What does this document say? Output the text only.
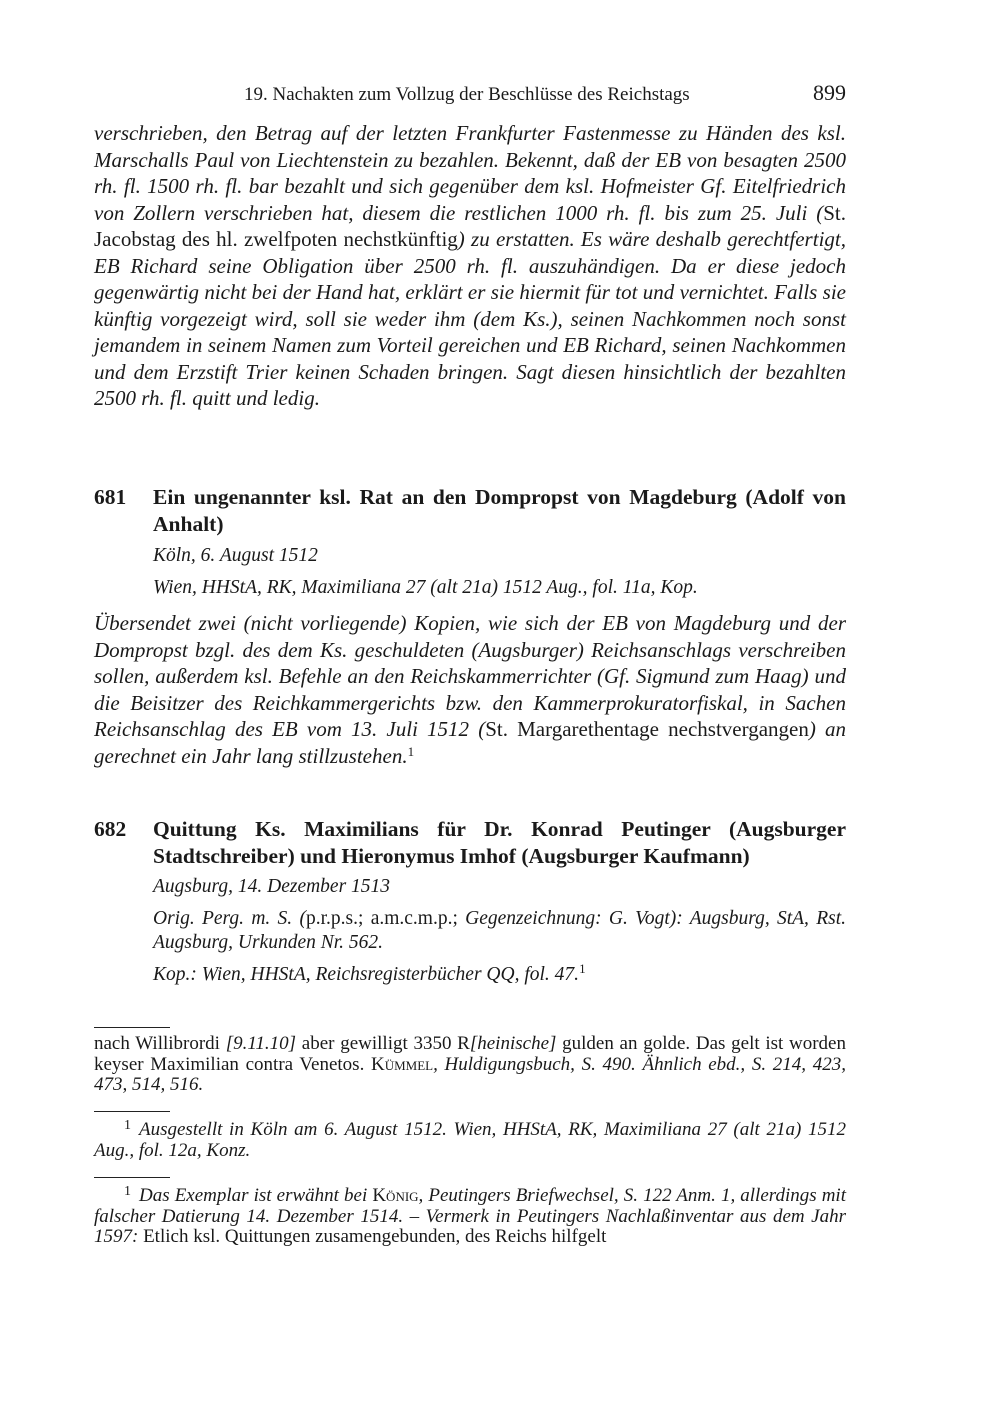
19. Nachakten zum Vollzug der Beschlüsse des Reichstags	899
verschrieben, den Betrag auf der letzten Frankfurter Fastenmesse zu Händen des ksl. Marschalls Paul von Liechtenstein zu bezahlen. Bekennt, daß der EB von besagten 2500 rh. fl. 1500 rh. fl. bar bezahlt und sich gegenüber dem ksl. Hofmeister Gf. Eitelfriedrich von Zollern verschrieben hat, diesem die restlichen 1000 rh. fl. bis zum 25. Juli (St. Jacobstag des hl. zwelfpoten nechstkünftig) zu erstatten. Es wäre deshalb gerechtfertigt, EB Richard seine Obligation über 2500 rh. fl. auszuhändigen. Da er diese jedoch gegenwärtig nicht bei der Hand hat, erklärt er sie hiermit für tot und vernichtet. Falls sie künftig vorgezeigt wird, soll sie weder ihm (dem Ks.), seinen Nachkommen noch sonst jemandem in seinem Namen zum Vorteil gereichen und EB Richard, seinen Nachkommen und dem Erzstift Trier keinen Schaden bringen. Sagt diesen hinsichtlich der bezahlten 2500 rh. fl. quitt und ledig.
681 Ein ungenannter ksl. Rat an den Dompropst von Magdeburg (Adolf von Anhalt)
Köln, 6. August 1512
Wien, HHStA, RK, Maximiliana 27 (alt 21a) 1512 Aug., fol. 11a, Kop.
Übersendet zwei (nicht vorliegende) Kopien, wie sich der EB von Magdeburg und der Dompropst bzgl. des dem Ks. geschuldeten (Augsburger) Reichsanschlags verschreiben sollen, außerdem ksl. Befehle an den Reichskammerrichter (Gf. Sigmund zum Haag) und die Beisitzer des Reichkammergerichts bzw. den Kammerprokuratorfiskal, in Sachen Reichsanschlag des EB vom 13. Juli 1512 (St. Margarethentage nechstvergangen) an gerechnet ein Jahr lang stillzustehen.$^1$
682 Quittung Ks. Maximilians für Dr. Konrad Peutinger (Augsburger Stadtschreiber) und Hieronymus Imhof (Augsburger Kaufmann)
Augsburg, 14. Dezember 1513
Orig. Perg. m. S. (p.r.p.s.; a.m.c.m.p.; Gegenzeichnung: G. Vogt): Augsburg, StA, Rst. Augsburg, Urkunden Nr. 562.
Kop.: Wien, HHStA, Reichsregisterbücher QQ, fol. 47.$^1$
nach Willibrordi [9.11.10] aber gewilligt 3350 R[heinische] gulden an golde. Das gelt ist worden keyser Maximilian contra Venetos. Kümmel, Huldigungsbuch, S. 490. Ähnlich ebd., S. 214, 423, 473, 514, 516.
$^1$ Ausgestellt in Köln am 6. August 1512. Wien, HHStA, RK, Maximiliana 27 (alt 21a) 1512 Aug., fol. 12a, Konz.
$^1$ Das Exemplar ist erwähnt bei König, Peutingers Briefwechsel, S. 122 Anm. 1, allerdings mit falscher Datierung 14. Dezember 1514. – Vermerk in Peutingers Nachlaßinventar aus dem Jahr 1597: Etlich ksl. Quittungen zusamengebunden, des Reichs hilfgelt
